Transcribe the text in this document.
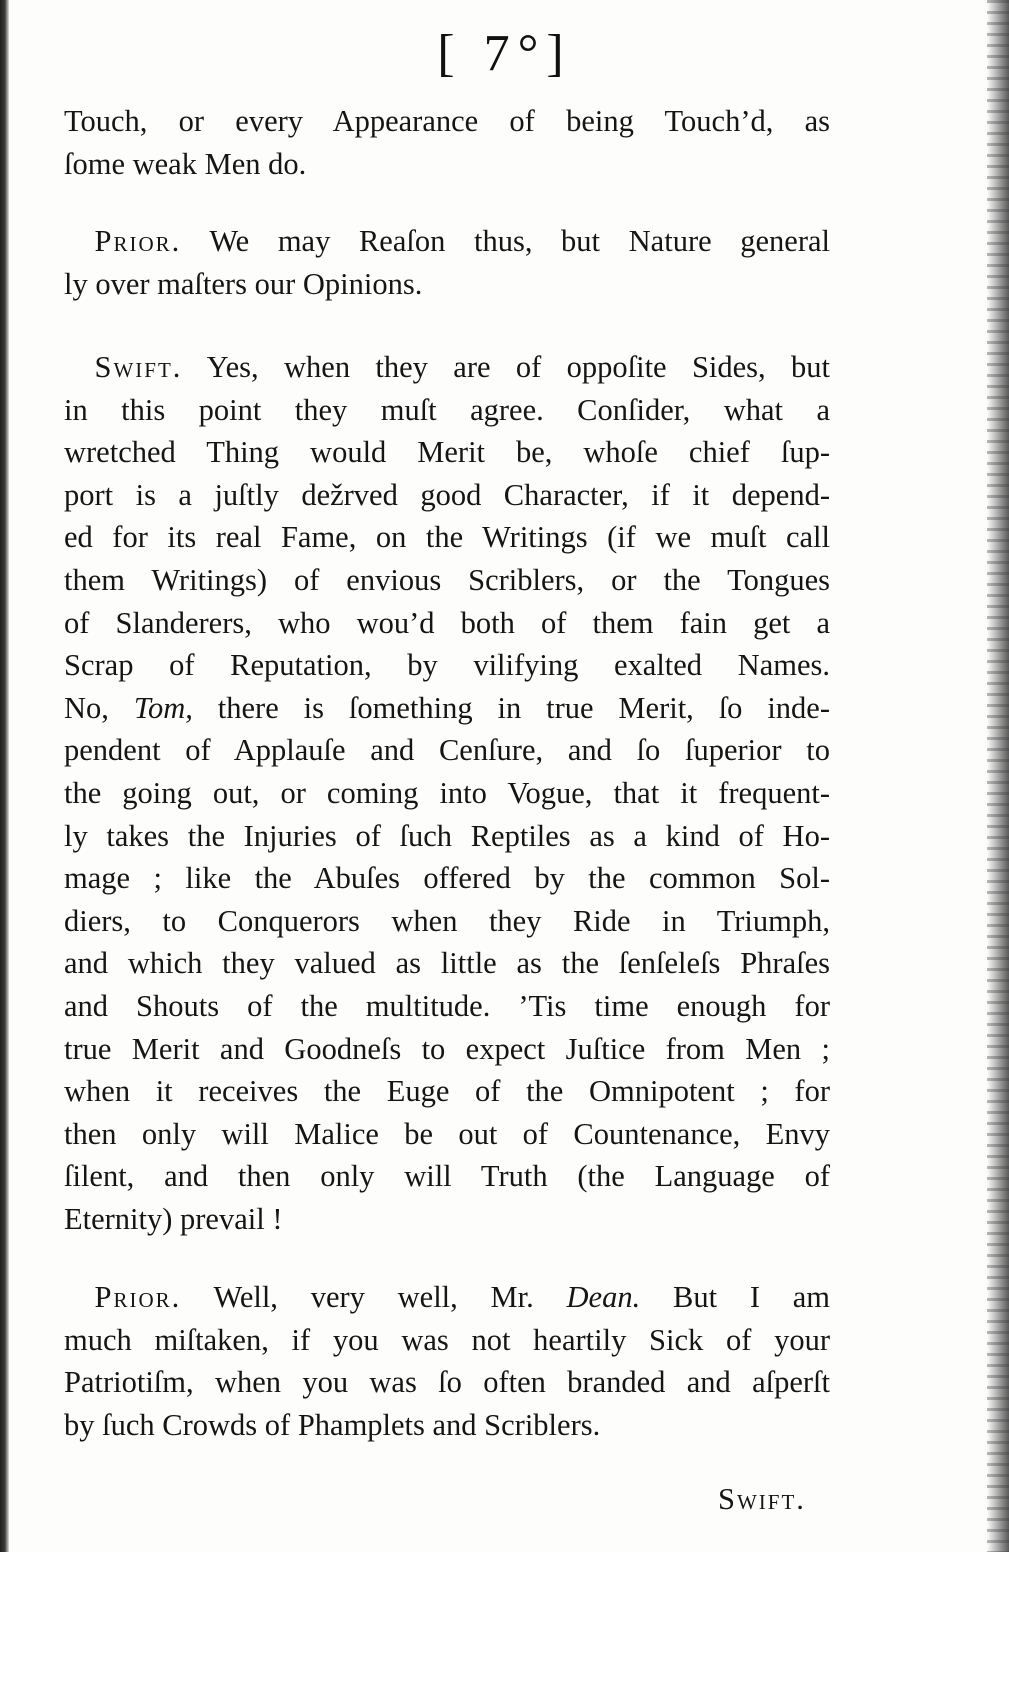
[ 7°]
Touch, or every Appearance of being Touch’d, as
ſome weak Men do.
 Prior. We may Reaſon thus, but Nature general
ly over maſters our Opinions.
 Swift. Yes, when they are of oppoſite Sides, but
in this point they muſt agree. Conſider, what a
wretched Thing would Merit be, whoſe chief ſup-
port is a juſtly dežrved good Character, if it depend-
ed for its real Fame, on the Writings (if we muſt call
them Writings) of envious Scriblers, or the Tongues
of Slanderers, who wou’d both of them fain get a
Scrap of Reputation, by vilifying exalted Names.
No, Tom, there is ſomething in true Merit, ſo inde-
pendent of Applauſe and Cenſure, and ſo ſuperior to
the going out, or coming into Vogue, that it frequent-
ly takes the Injuries of ſuch Reptiles as a kind of Ho-
mage ; like the Abuſes offered by the common Sol-
diers, to Conquerors when they Ride in Triumph,
and which they valued as little as the ſenſeleſs Phraſes
and Shouts of the multitude. ’Tis time enough for
true Merit and Goodneſs to expect Juſtice from Men ;
when it receives the Euge of the Omnipotent ; for
then only will Malice be out of Countenance, Envy
ſilent, and then only will Truth (the Language of
Eternity) prevail !
 Prior. Well, very well, Mr. Dean. But I am
much miſtaken, if you was not heartily Sick of your
Patriotiſm, when you was ſo often branded and aſperſt
by ſuch Crowds of Phamplets and Scriblers.
Swift.
